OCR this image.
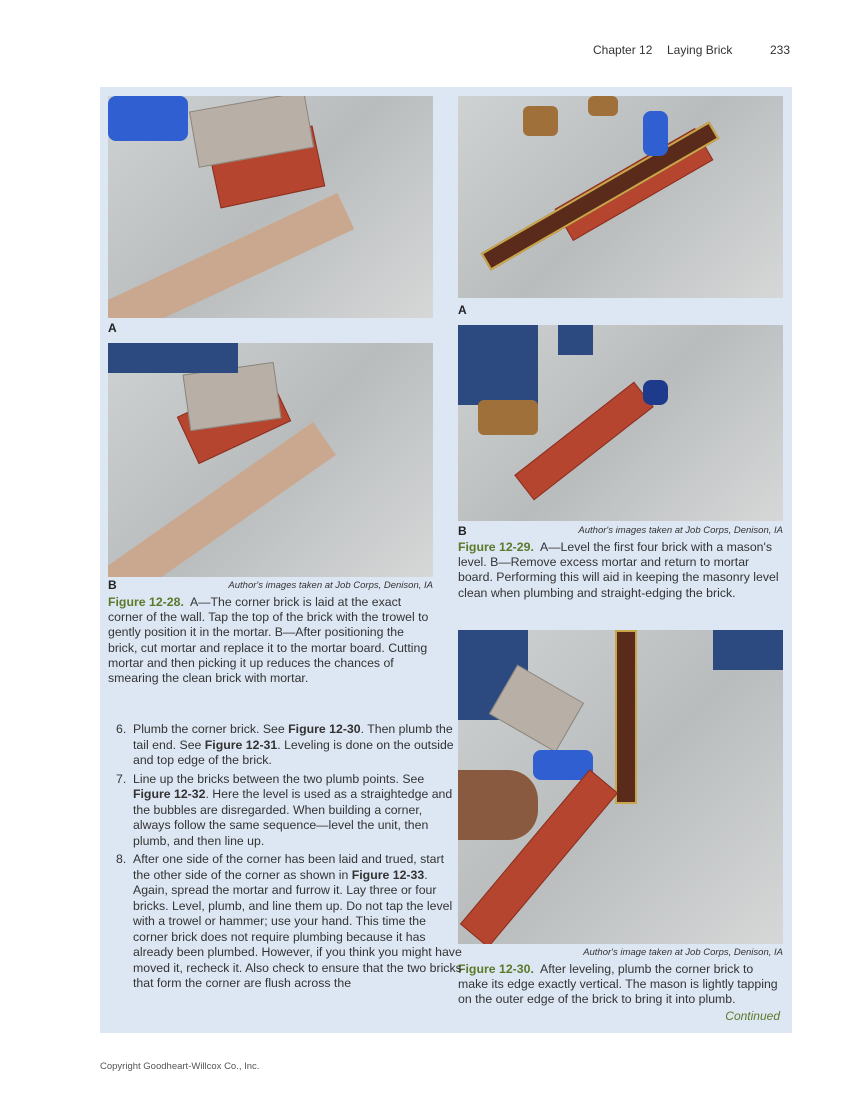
Chapter 12 Laying Brick	233
A
B	Author's images taken at Job Corps, Denison, IA
Figure 12-28. A—The corner brick is laid at the exact corner of the wall. Tap the top of the brick with the trowel to gently position it in the mortar. B—After positioning the brick, cut mortar and replace it to the mortar board. Cutting mortar and then picking it up reduces the chances of smearing the clean brick with mortar.
A
B	Author's images taken at Job Corps, Denison, IA
Figure 12-29. A—Level the first four brick with a mason's level. B—Remove excess mortar and return to mortar board. Performing this will aid in keeping the masonry level clean when plumbing and straight-edging the brick.
Author's image taken at Job Corps, Denison, IA
Figure 12-30. After leveling, plumb the corner brick to make its edge exactly vertical. The mason is lightly tapping on the outer edge of the brick to bring it into plumb.
Continued
6. Plumb the corner brick. See Figure 12-30. Then plumb the tail end. See Figure 12-31. Leveling is done on the outside and top edge of the brick.
7. Line up the bricks between the two plumb points. See Figure 12-32. Here the level is used as a straightedge and the bubbles are disregarded. When building a corner, always follow the same sequence—level the unit, then plumb, and then line up.
8. After one side of the corner has been laid and trued, start the other side of the corner as shown in Figure 12-33. Again, spread the mortar and furrow it. Lay three or four bricks. Level, plumb, and line them up. Do not tap the level with a trowel or hammer; use your hand. This time the corner brick does not require plumbing because it has already been plumbed. However, if you think you might have moved it, recheck it. Also check to ensure that the two bricks that form the corner are flush across the
Copyright Goodheart-Willcox Co., Inc.
